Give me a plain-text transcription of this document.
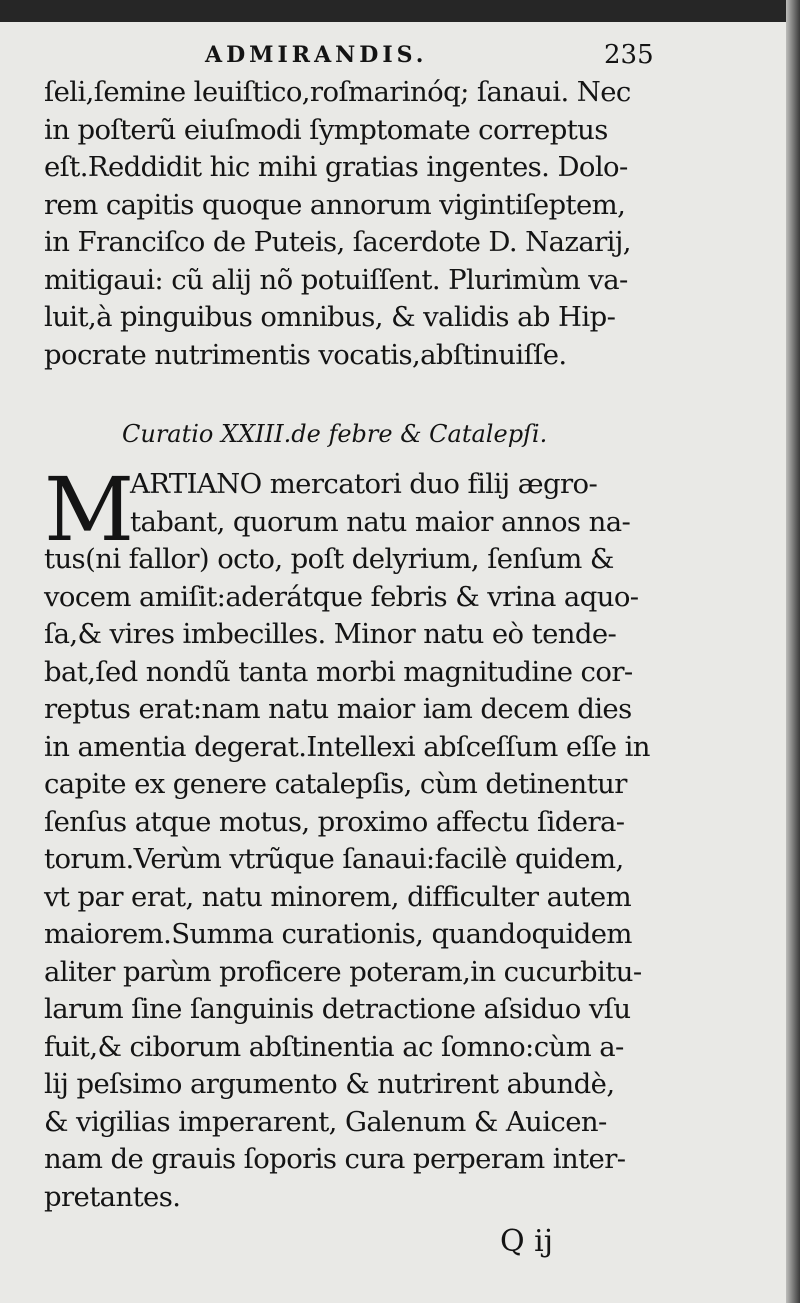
ADMIRANDIS.	235
ſeli,ſemine leuiſtico,roſmarinóq; ſanaui. Nec
in poſterũ eiuſmodi ſymptomate correptus
eſt.Reddidit hic mihi gratias ingentes. Dolo-
rem capitis quoque annorum vigintiſeptem,
in Franciſco de Puteis, ſacerdote D. Nazarij,
mitigaui: cũ alij nõ potuiſſent. Plurimùm va-
luit,à pinguibus omnibus, & validis ab Hip-
pocrate nutrimentis vocatis,abſtinuiſſe.
Curatio XXIII.de febre & Catalepſi.
M
ARTIANO mercatori duo filij ægro-
tabant, quorum natu maior annos na-
tus(ni fallor) octo, poſt delyrium, ſenſum &
vocem amiſit:aderátque febris & vrina aquo-
ſa,& vires imbecilles. Minor natu eò tende-
bat,ſed nondũ tanta morbi magnitudine cor-
reptus erat:nam natu maior iam decem dies
in amentia degerat.Intellexi abſceſſum eſſe in
capite ex genere catalepſis, cùm detinentur
ſenſus atque motus, proximo affectu ſidera-
torum.Verùm vtrũque ſanaui:facilè quidem,
vt par erat, natu minorem, difficulter autem
maiorem.Summa curationis, quandoquidem
aliter parùm proficere poteram,in cucurbitu-
larum ſine ſanguinis detractione aſsiduo vſu
fuit,& ciborum abſtinentia ac ſomno:cùm a-
lij peſsimo argumento & nutrirent abundè,
& vigilias imperarent, Galenum & Auicen-
nam de grauis ſoporis cura perperam inter-
pretantes.
Q ij
